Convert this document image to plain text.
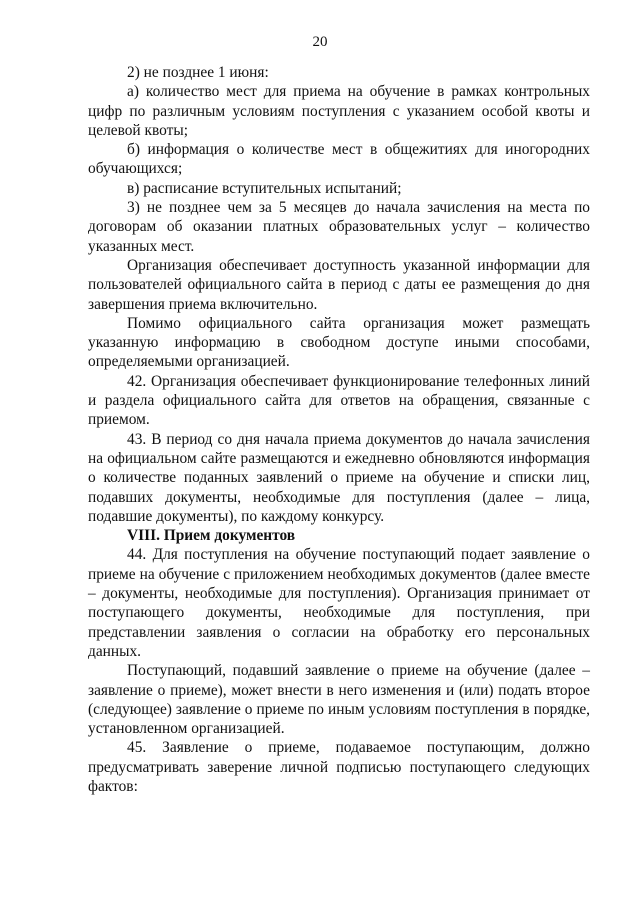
20

2) не позднее 1 июня:

а) количество мест для приема на обучение в рамках контрольных цифр по различным условиям поступления с указанием особой квоты и целевой квоты;

б) информация о количестве мест в общежитиях для иногородних обучающихся;

в) расписание вступительных испытаний;

3) не позднее чем за 5 месяцев до начала зачисления на места по договорам об оказании платных образовательных услуг – количество указанных мест.

Организация обеспечивает доступность указанной информации для пользователей официального сайта в период с даты ее размещения до дня завершения приема включительно.

Помимо официального сайта организация может размещать указанную информацию в свободном доступе иными способами, определяемыми организацией.

42. Организация обеспечивает функционирование телефонных линий и раздела официального сайта для ответов на обращения, связанные с приемом.

43. В период со дня начала приема документов до начала зачисления на официальном сайте размещаются и ежедневно обновляются информация о количестве поданных заявлений о приеме на обучение и списки лиц, подавших документы, необходимые для поступления (далее – лица, подавшие документы), по каждому конкурсу.

VIII. Прием документов

44. Для поступления на обучение поступающий подает заявление о приеме на обучение с приложением необходимых документов (далее вместе – документы, необходимые для поступления). Организация принимает от поступающего документы, необходимые для поступления, при представлении заявления о согласии на обработку его персональных данных.

Поступающий, подавший заявление о приеме на обучение (далее – заявление о приеме), может внести в него изменения и (или) подать второе (следующее) заявление о приеме по иным условиям поступления в порядке, установленном организацией.

45. Заявление о приеме, подаваемое поступающим, должно предусматривать заверение личной подписью поступающего следующих фактов:
